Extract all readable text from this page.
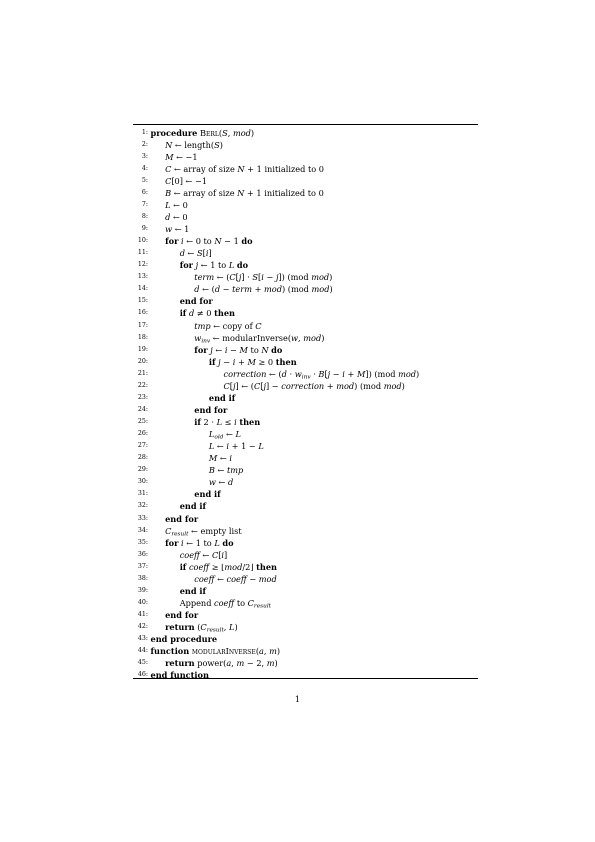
1: procedure Berl(S, mod)
2: N ← length(S)
3: M ← −1
4: C ← array of size N + 1 initialized to 0
5: C[0] ← −1
6: B ← array of size N + 1 initialized to 0
7: L ← 0
8: d ← 0
9: w ← 1
10: for i ← 0 to N − 1 do
11:	d ← S[i]
12:	for j ← 1 to L do
13:	term ← (C[j] · S[i − j]) (mod mod)
14:	d ← (d − term + mod) (mod mod)
15:	end for
16:	if d ≠ 0 then
17:	tmp ← copy of C
18:	$w_{inv}$ ← modularInverse(w, mod)
19:	for j ← i − M to N do
20:	if j − i + M ≥ 0 then
21:	correction ← $(d \cdot w_{inv} \cdot B[j - i + M])$ (mod mod)
22:	C[j] ← (C[j] − correction + mod) (mod mod)
23:	end if
24:	end for
25:	if 2 · L ≤ i then
26:	$L_{old}$ ← L
27:	L ← i + 1 − L
28:	M ← i
29:	B ← tmp
30:	w ← d
31:	end if
32:	end if
33: end for
34: $C_{result}$ ← empty list
35: for i ← 1 to L do
36:	coeff ← C[i]
37:	if coeff ≥ ⌊mod/2⌋ then
38:	coeff ← coeff − mod
39:	end if
40:	Append coeff to $C_{result}$
41: end for
42: return ($C_{result}$, L)
43: end procedure
44: function modularInverse(a, m)
45: return power(a, m − 2, m)
46: end function
1
